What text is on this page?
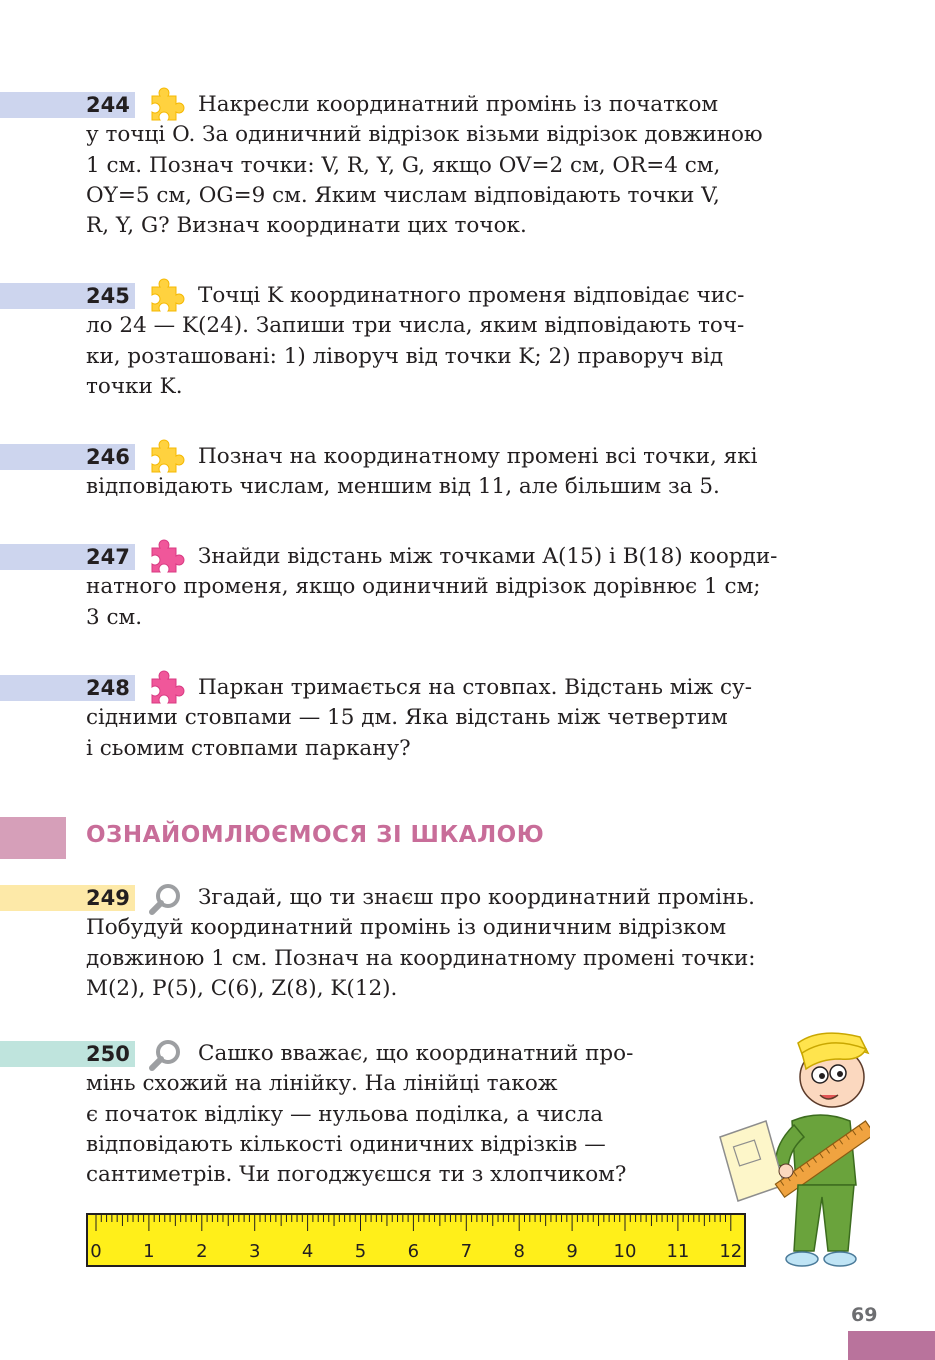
244	Накресли координатний промінь із початком
у точці O. За одиничний відрізок візьми відрізок довжиною
1 см. Познач точки: V, R, Y, G, якщо OV=2 см, OR=4 см,
OY=5 см, OG=9 см. Яким числам відповідають точки V,
R, Y, G? Визнач координати цих точок.
245	Точці K координатного променя відповідає чис-
ло 24 — K(24). Запиши три числа, яким відповідають точ-
ки, розташовані: 1) ліворуч від точки K; 2) праворуч від
точки K.
246	Познач на координатному промені всі точки, які
відповідають числам, меншим від 11, але більшим за 5.
247	Знайди відстань між точками A(15) і B(18) коорди-
натного променя, якщо одиничний відрізок дорівнює 1 см;
3 см.
248	Паркан тримається на стовпах. Відстань між су-
сідними стовпами — 15 дм. Яка відстань між четвертим
і сьомим стовпами паркану?
ОЗНАЙОМЛЮЄМОСЯ ЗІ ШКАЛОЮ
249	Згадай, що ти знаєш про координатний промінь.
Побудуй координатний промінь із одиничним відрізком
довжиною 1 см. Познач на координатному промені точки:
M(2), P(5), C(6), Z(8), K(12).
250	Сашко вважає, що координатний про-
мінь схожий на лінійку. На лінійці також
є початок відліку — нульова поділка, а числа
відповідають кількості одиничних відрізків —
сантиметрів. Чи погоджуєшся ти з хлопчиком?
0 1 2 3 4 5 6 7 8 9 10 11 12
69
